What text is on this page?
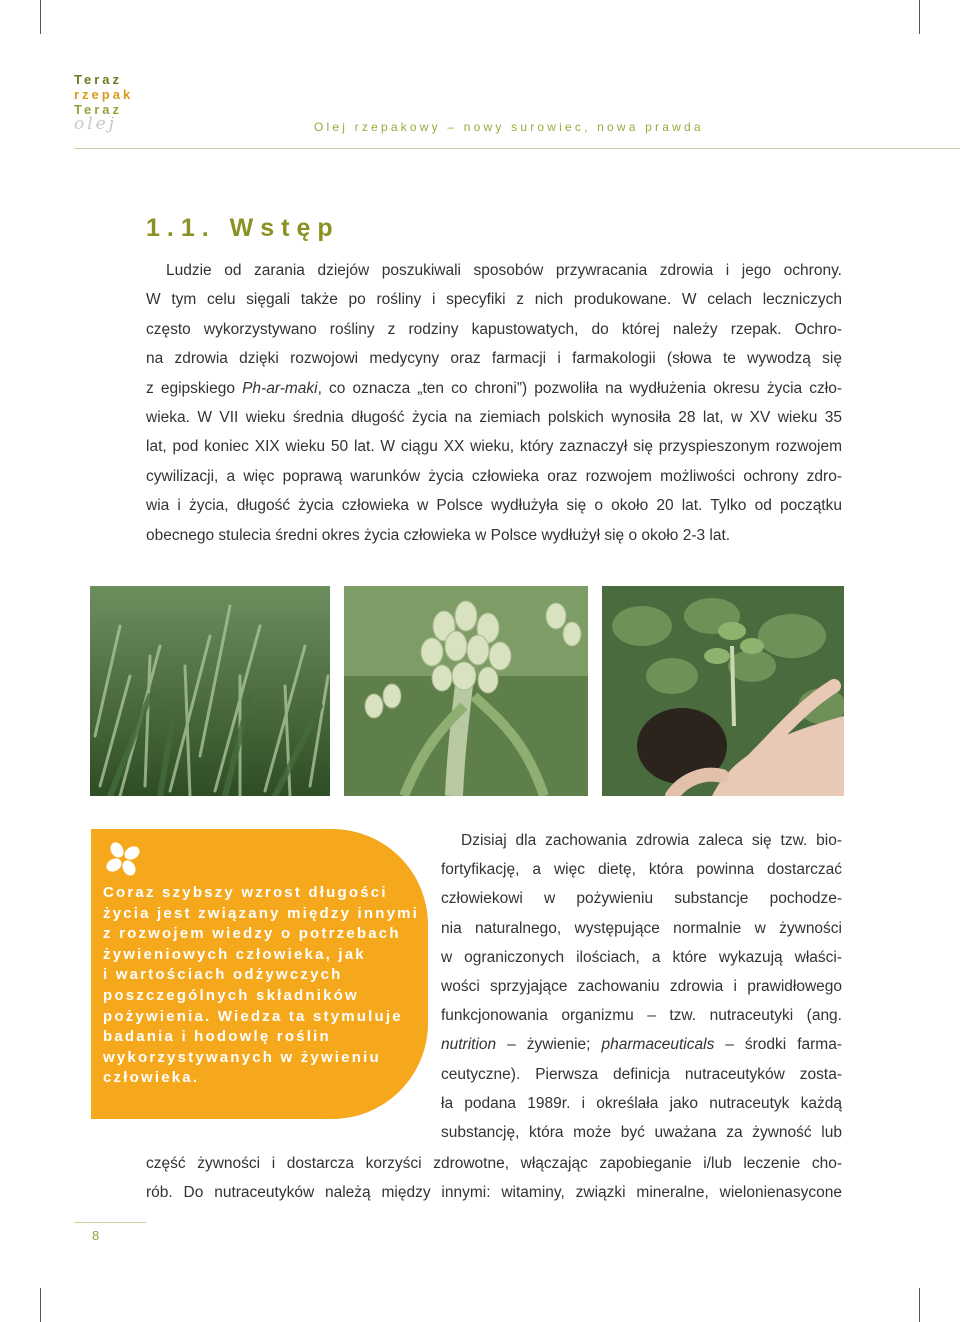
Teraz
rzepak
Teraz
olej	Olej rzepakowy – nowy surowiec, nowa prawda
1.1. Wstęp
Ludzie od zarania dziejów poszukiwali sposobów przywracania zdrowia i jego ochrony.
W tym celu sięgali także po rośliny i specyfiki z nich produkowane. W celach leczniczych
często wykorzystywano rośliny z rodziny kapustowatych, do której należy rzepak. Ochro-
na zdrowia dzięki rozwojowi medycyny oraz farmacji i farmakologii (słowa te wywodzą się
z egipskiego Ph-ar-maki, co oznacza „ten co chroni”) pozwoliła na wydłużenia okresu życia czło-
wieka. W VII wieku średnia długość życia na ziemiach polskich wynosiła 28 lat, w XV wieku 35
lat, pod koniec XIX wieku 50 lat. W ciągu XX wieku, który zaznaczył się przyspieszonym rozwojem
cywilizacji, a więc poprawą warunków życia człowieka oraz rozwojem możliwości ochrony zdro-
wia i życia, długość życia człowieka w Polsce wydłużyła się o około 20 lat. Tylko od początku
obecnego stulecia średni okres życia człowieka w Polsce wydłużył się o około 2-3 lat.
Coraz szybszy wzrost długości
życia jest związany między innymi
z rozwojem wiedzy o potrzebach
żywieniowych człowieka, jak
i wartościach odżywczych
poszczególnych składników
pożywienia. Wiedza ta stymuluje
badania i hodowlę roślin
wykorzystywanych w żywieniu
człowieka.
Dzisiaj dla zachowania zdrowia zaleca się tzw. bio-
fortyfikację, a więc dietę, która powinna dostarczać
człowiekowi w pożywieniu substancje pochodze-
nia naturalnego, występujące normalnie w żywności
w ograniczonych ilościach, a które wykazują właści-
wości sprzyjające zachowaniu zdrowia i prawidłowego
funkcjonowania organizmu – tzw. nutraceutyki (ang.
nutrition – żywienie; pharmaceuticals – środki farma-
ceutyczne). Pierwsza definicja nutraceutyków zosta-
ła podana 1989r. i określała jako nutraceutyk każdą
substancję, która może być uważana za żywność lub
część żywności i dostarcza korzyści zdrowotne, włączając zapobieganie i/lub leczenie cho-
rób. Do nutraceutyków należą między innymi: witaminy, związki mineralne, wielonienasycone
8
